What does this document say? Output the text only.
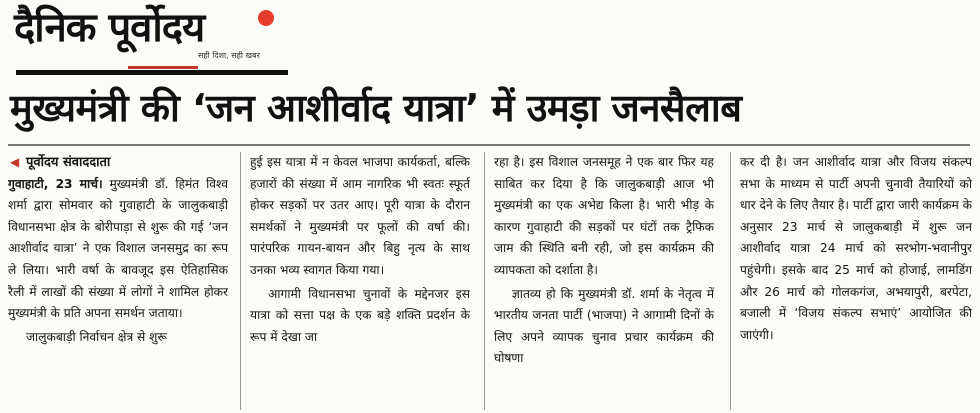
दैनिक पूर्वोदय
सही दिशा, सही खबर
मुख्यमंत्री की ‘जन आशीर्वाद यात्रा’ में उमड़ा जनसैलाब
◀ पूर्वोदय संवाददाता

गुवाहाटी, 23 मार्च। मुख्यमंत्री डॉ. हिमंत विश्व शर्मा द्वारा सोमवार को गुवाहाटी के जालुकबाड़ी विधानसभा क्षेत्र के बोरीपाड़ा से शुरू की गई ‘जन आशीर्वाद यात्रा’ ने एक विशाल जनसमुद्र का रूप ले लिया। भारी वर्षा के बावजूद इस ऐतिहासिक रैली में लाखों की संख्या में लोगों ने शामिल होकर मुख्यमंत्री के प्रति अपना समर्थन जताया।

जालुकबाड़ी निर्वाचन क्षेत्र से शुरू

हुई इस यात्रा में न केवल भाजपा कार्यकर्ता, बल्कि हजारों की संख्या में आम नागरिक भी स्वतः स्फूर्त होकर सड़कों पर उतर आए। पूरी यात्रा के दौरान समर्थकों ने मुख्यमंत्री पर फूलों की वर्षा की। पारंपरिक गायन-बायन और बिहु नृत्य के साथ उनका भव्य स्वागत किया गया।

आगामी विधानसभा चुनावों के मद्देनजर इस यात्रा को सत्ता पक्ष के एक बड़े शक्ति प्रदर्शन के रूप में देखा जा

रहा है। इस विशाल जनसमूह ने एक बार फिर यह साबित कर दिया है कि जालुकबाड़ी आज भी मुख्यमंत्री का एक अभेद्य किला है। भारी भीड़ के कारण गुवाहाटी की सड़कों पर घंटों तक ट्रैफिक जाम की स्थिति बनी रही, जो इस कार्यक्रम की व्यापकता को दर्शाता है।

ज्ञातव्य हो कि मुख्यमंत्री डॉ. शर्मा के नेतृत्व में भारतीय जनता पार्टी (भाजपा) ने आगामी दिनों के लिए अपने व्यापक चुनाव प्रचार कार्यक्रम की घोषणा

कर दी है। जन आशीर्वाद यात्रा और विजय संकल्प सभा के माध्यम से पार्टी अपनी चुनावी तैयारियों को धार देने के लिए तैयार है। पार्टी द्वारा जारी कार्यक्रम के अनुसार 23 मार्च से जालुकबाड़ी में शुरू जन आशीर्वाद यात्रा 24 मार्च को सरभोग-भवानीपुर पहुंचेगी। इसके बाद 25 मार्च को होजाई, लामडिंग और 26 मार्च को गोलकगंज, अभयापुरी, बरपेटा, बजाली में ‘विजय संकल्प सभाएं’ आयोजित की जाएंगी।
